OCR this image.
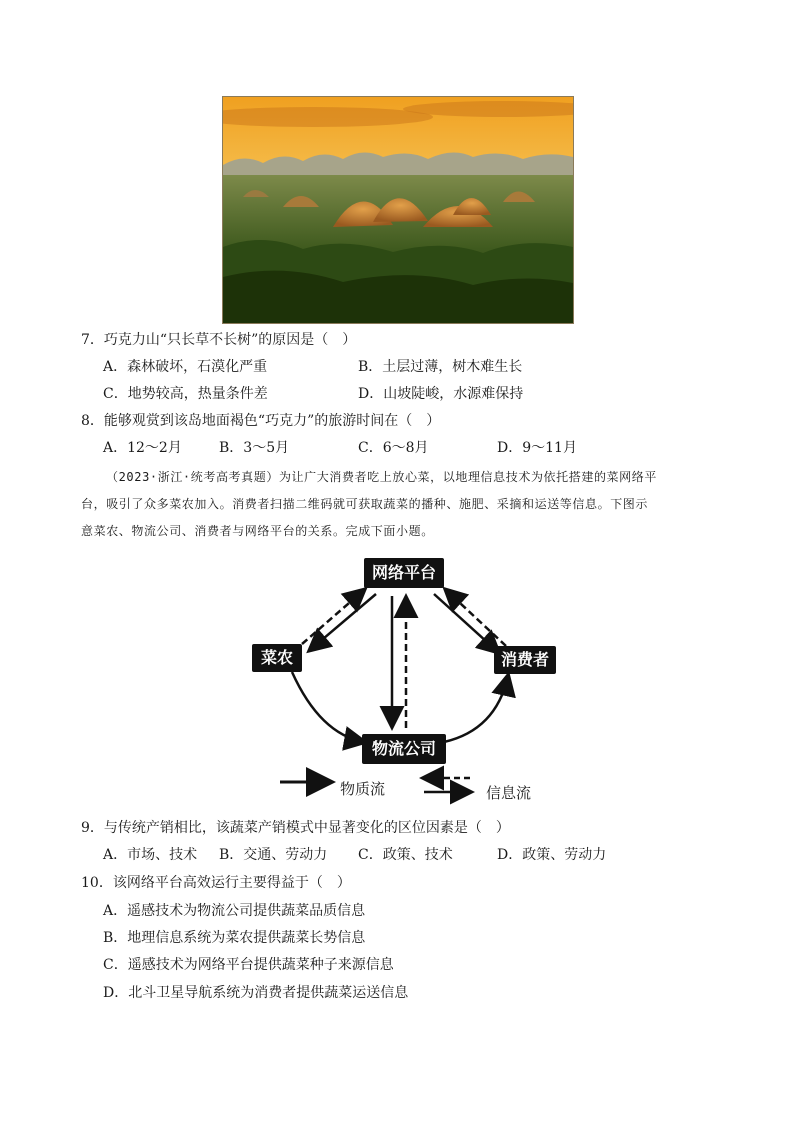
7．巧克力山“只长草不长树”的原因是（　）
A．森林破坏，石漠化严重	B．土层过薄，树木难生长
C．地势较高，热量条件差	D．山坡陡峻，水源难保持
8．能够观赏到该岛地面褐色“巧克力”的旅游时间在（　）
A．12～2月	B．3～5月	C．6～8月	D．9～11月
（2023·浙江·统考高考真题）为让广大消费者吃上放心菜，以地理信息技术为依托搭建的菜网络平
台，吸引了众多菜农加入。消费者扫描二维码就可获取蔬菜的播种、施肥、采摘和运送等信息。下图示
意菜农、物流公司、消费者与网络平台的关系。完成下面小题。
网络平台
菜农	消费者
物流公司
物质流	信息流
9．与传统产销相比，该蔬菜产销模式中显著变化的区位因素是（　）
A．市场、技术 B．交通、劳动力 C．政策、技术	D．政策、劳动力
10．该网络平台高效运行主要得益于（　）
A．遥感技术为物流公司提供蔬菜品质信息
B．地理信息系统为菜农提供蔬菜长势信息
C．遥感技术为网络平台提供蔬菜种子来源信息
D．北斗卫星导航系统为消费者提供蔬菜运送信息
